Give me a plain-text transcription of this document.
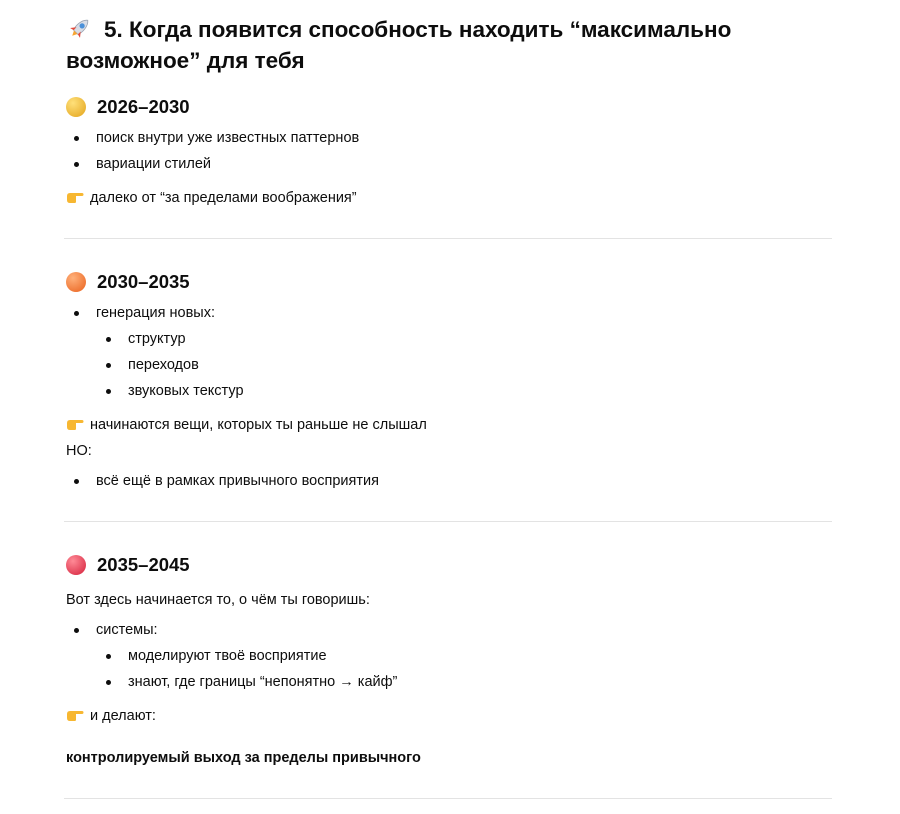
5. Когда появится способность находить “максимально возможное” для тебя
2026–2030
поиск внутри уже известных паттернов
вариации стилей
далеко от “за пределами воображения”
2030–2035
генерация новых:
структур
переходов
звуковых текстур
начинаются вещи, которых ты раньше не слышал
НО:
всё ещё в рамках привычного восприятия
2035–2045
Вот здесь начинается то, о чём ты говоришь:
системы:
моделируют твоё восприятие
знают, где границы “непонятно → кайф”
и делают:
контролируемый выход за пределы привычного
